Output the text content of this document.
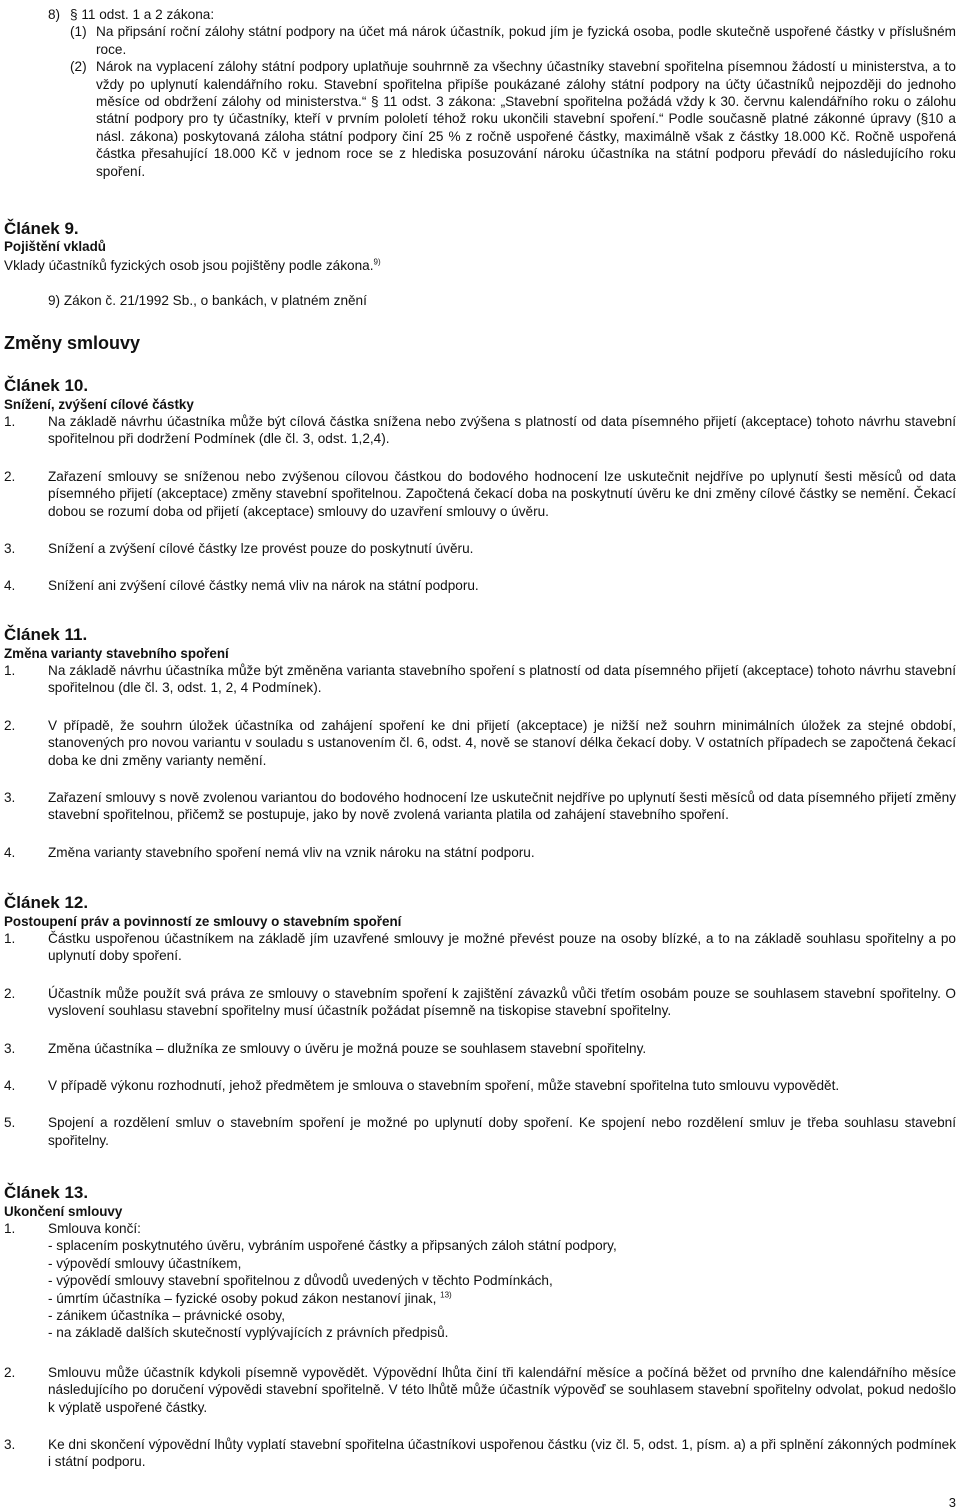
8) § 11 odst. 1 a 2 zákona:
(1) Na připsání roční zálohy státní podpory na účet má nárok účastník, pokud jím je fyzická osoba, podle skutečně uspořené částky v příslušném roce.
(2) Nárok na vyplacení zálohy státní podpory uplatňuje souhrnně za všechny účastníky stavební spořitelna písemnou žádostí u ministerstva, a to vždy po uplynutí kalendářního roku. Stavební spořitelna připíše poukázané zálohy státní podpory na účty účastníků nejpozději do jednoho měsíce od obdržení zálohy od ministerstva.“ § 11 odst. 3 zákona: „Stavební spořitelna požádá vždy k 30. červnu kalendářního roku o zálohu státní podpory pro ty účastníky, kteří v prvním pololetí téhož roku ukončili stavební spoření.“ Podle současně platné zákonné úpravy (§10 a násl. zákona) poskytovaná záloha státní podpory činí 25 % z ročně uspořené částky, maximálně však z částky 18.000 Kč. Ročně uspořená částka přesahující 18.000 Kč v jednom roce se z hlediska posuzování nároku účastníka na státní podporu převádí do následujícího roku spoření.
Článek 9.
Pojištění vkladů
Vklady účastníků fyzických osob jsou pojištěny podle zákona.$^{9)}$
9) Zákon č. 21/1992 Sb., o bankách, v platném znění
Změny smlouvy
Článek 10.
Snížení, zvýšení cílové částky
1. Na základě návrhu účastníka může být cílová částka snížena nebo zvýšena s platností od data písemného přijetí (akceptace) tohoto návrhu stavební spořitelnou při dodržení Podmínek (dle čl. 3, odst. 1,2,4).
2. Zařazení smlouvy se sníženou nebo zvýšenou cílovou částkou do bodového hodnocení lze uskutečnit nejdříve po uplynutí šesti měsíců od data písemného přijetí (akceptace) změny stavební spořitelnou. Započtená čekací doba na poskytnutí úvěru ke dni změny cílové částky se nemění. Čekací dobou se rozumí doba od přijetí (akceptace) smlouvy do uzavření smlouvy o úvěru.
3. Snížení a zvýšení cílové částky lze provést pouze do poskytnutí úvěru.
4. Snížení ani zvýšení cílové částky nemá vliv na nárok na státní podporu.
Článek 11.
Změna varianty stavebního spoření
1. Na základě návrhu účastníka může být změněna varianta stavebního spoření s platností od data písemného přijetí (akceptace) tohoto návrhu stavební spořitelnou (dle čl. 3, odst. 1, 2, 4 Podmínek).
2. V případě, že souhrn úložek účastníka od zahájení spoření ke dni přijetí (akceptace) je nižší než souhrn minimálních úložek za stejné období, stanovených pro novou variantu v souladu s ustanovením čl. 6, odst. 4, nově se stanoví délka čekací doby. V ostatních případech se započtená čekací doba ke dni změny varianty nemění.
3. Zařazení smlouvy s nově zvolenou variantou do bodového hodnocení lze uskutečnit nejdříve po uplynutí šesti měsíců od data písemného přijetí změny stavební spořitelnou, přičemž se postupuje, jako by nově zvolená varianta platila od zahájení stavebního spoření.
4. Změna varianty stavebního spoření nemá vliv na vznik nároku na státní podporu.
Článek 12.
Postoupení práv a povinností ze smlouvy o stavebním spoření
1. Částku uspořenou účastníkem na základě jím uzavřené smlouvy je možné převést pouze na osoby blízké, a to na základě souhlasu spořitelny a po uplynutí doby spoření.
2. Účastník může použít svá práva ze smlouvy o stavebním spoření k zajištění závazků vůči třetím osobám pouze se souhlasem stavební spořitelny. O vyslovení souhlasu stavební spořitelny musí účastník požádat písemně na tiskopise stavební spořitelny.
3. Změna účastníka – dlužníka ze smlouvy o úvěru je možná pouze se souhlasem stavební spořitelny.
4. V případě výkonu rozhodnutí, jehož předmětem je smlouva o stavebním spoření, může stavební spořitelna tuto smlouvu vypovědět.
5. Spojení a rozdělení smluv o stavebním spoření je možné po uplynutí doby spoření. Ke spojení nebo rozdělení smluv je třeba souhlasu stavební spořitelny.
Článek 13.
Ukončení smlouvy
1. Smlouva končí:
- splacením poskytnutého úvěru, vybráním uspořené částky a připsaných záloh státní podpory,
- výpovědí smlouvy účastníkem,
- výpovědí smlouvy stavební spořitelnou z důvodů uvedených v těchto Podmínkách,
- úmrtím účastníka – fyzické osoby pokud zákon nestanoví jinak, $^{13)}$
- zánikem účastníka – právnické osoby,
- na základě dalších skutečností vyplývajících z právních předpisů.
2. Smlouvu může účastník kdykoli písemně vypovědět. Výpovědní lhůta činí tři kalendářní měsíce a počíná běžet od prvního dne kalendářního měsíce následujícího po doručení výpovědi stavební spořitelně. V této lhůtě může účastník výpověď se souhlasem stavební spořitelny odvolat, pokud nedošlo k výplatě uspořené částky.
3. Ke dni skončení výpovědní lhůty vyplatí stavební spořitelna účastníkovi uspořenou částku (viz čl. 5, odst. 1, písm. a) a při splnění zákonných podmínek i státní podporu.
3
